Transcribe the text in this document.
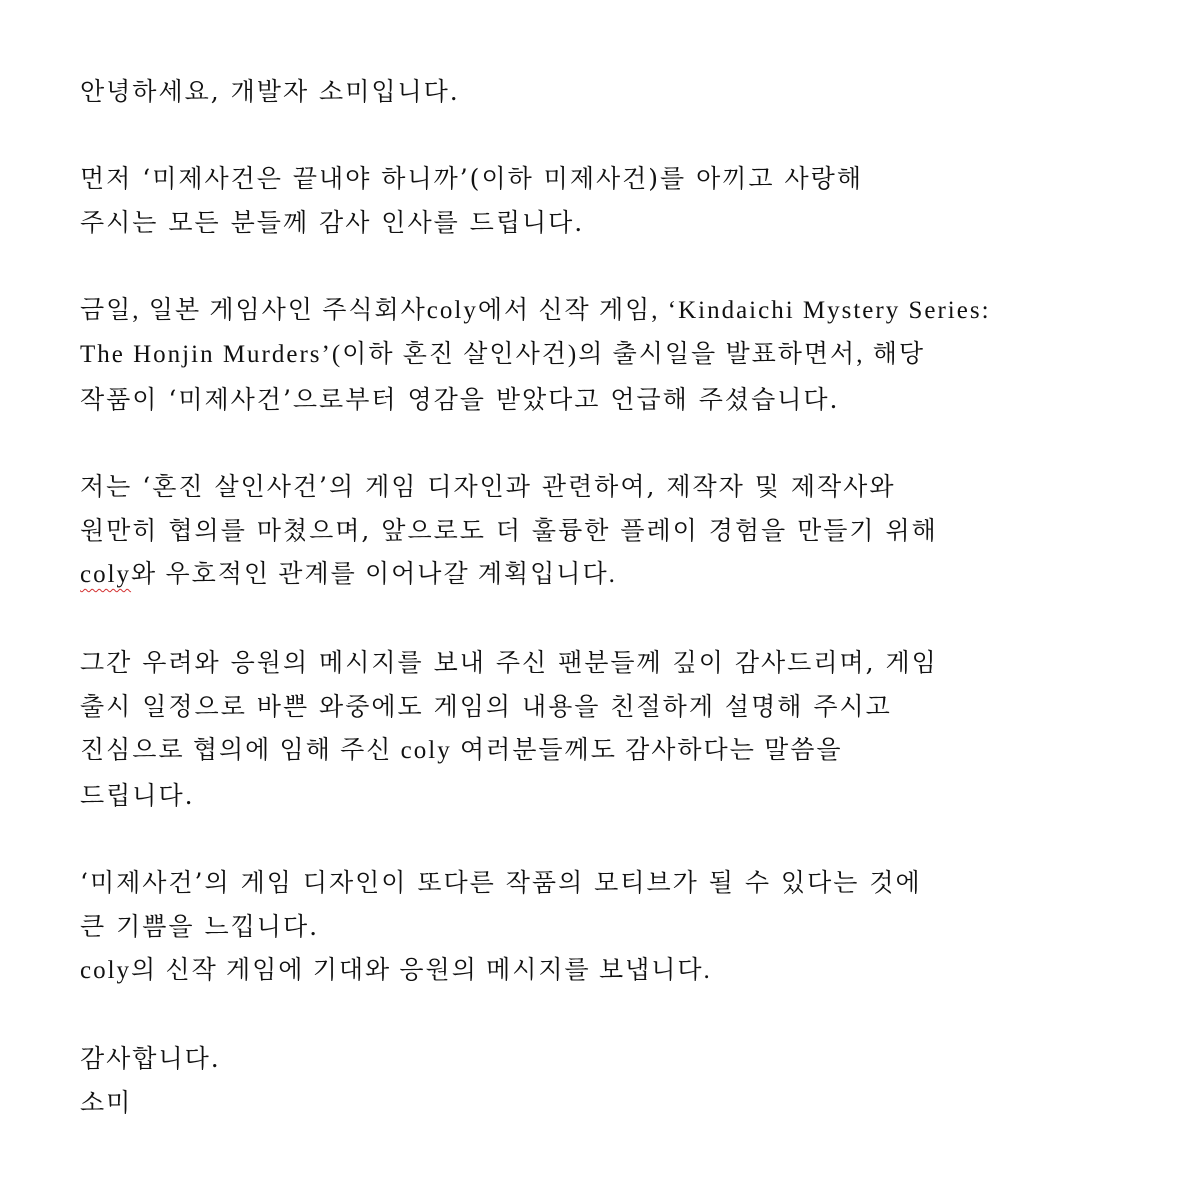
안녕하세요, 개발자 소미입니다.

먼저 ‘미제사건은 끝내야 하니까’(이하 미제사건)를 아끼고 사랑해

주시는 모든 분들께 감사 인사를 드립니다.

금일, 일본 게임사인 주식회사coly에서 신작 게임, ‘Kindaichi Mystery Series:

The Honjin Murders’(이하 혼진 살인사건)의 출시일을 발표하면서, 해당

작품이 ‘미제사건’으로부터 영감을 받았다고 언급해 주셨습니다.

저는 ‘혼진 살인사건’의 게임 디자인과 관련하여, 제작자 및 제작사와

원만히 협의를 마쳤으며, 앞으로도 더 훌륭한 플레이 경험을 만들기 위해

coly와 우호적인 관계를 이어나갈 계획입니다.

그간 우려와 응원의 메시지를 보내 주신 팬분들께 깊이 감사드리며, 게임

출시 일정으로 바쁜 와중에도 게임의 내용을 친절하게 설명해 주시고

진심으로 협의에 임해 주신 coly 여러분들께도 감사하다는 말씀을

드립니다.

‘미제사건’의 게임 디자인이 또다른 작품의 모티브가 될 수 있다는 것에

큰 기쁨을 느낍니다.

coly의 신작 게임에 기대와 응원의 메시지를 보냅니다.

감사합니다.

소미
